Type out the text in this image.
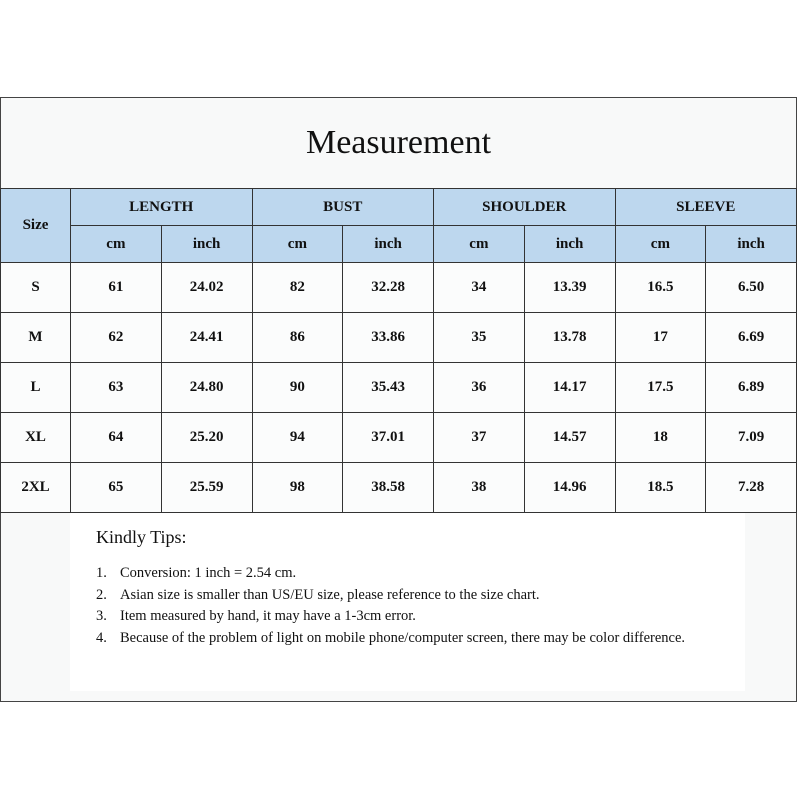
Measurement
Size	LENGTH		BUST		SHOULDER		SLEEVE	
	cm	inch	cm	inch	cm	inch	cm	inch
S	61	24.02	82	32.28	34	13.39	16.5	6.50
M	62	24.41	86	33.86	35	13.78	17	6.69
L	63	24.80	90	35.43	36	14.17	17.5	6.89
XL	64	25.20	94	37.01	37	14.57	18	7.09
2XL	65	25.59	98	38.58	38	14.96	18.5	7.28
Kindly Tips:
1. Conversion: 1 inch = 2.54 cm.
2. Asian size is smaller than US/EU size, please reference to the size chart.
3. Item measured by hand, it may have a 1-3cm error.
4. Because of the problem of light on mobile phone/computer screen, there may be color difference.
